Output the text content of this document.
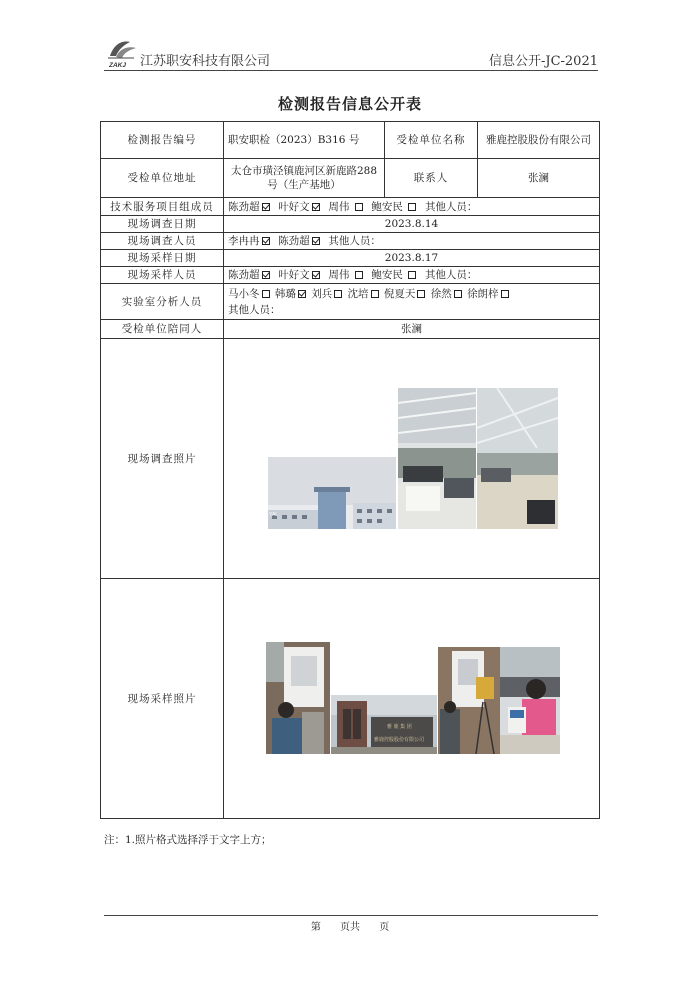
ZAKJ 江苏职安科技有限公司	信息公开-JC-2021
检测报告信息公开表
检测报告编号	职安职检（2023）B316 号	受检单位名称	雅鹿控股股份有限公司
受检单位地址	太仓市璜泾镇鹿河区新鹿路288号（生产基地）	联系人	张澜
技术服务项目组成员	陈劲超 叶好文 周伟 鲍安民 其他人员：		
现场调查日期	2023.8.14		
现场调查人员	李冉冉 陈劲超 其他人员：		
现场采样日期	2023.8.17		
现场采样人员	陈劲超 叶好文 周伟 鲍安民 其他人员：		
实验室分析人员	马小冬 韩璐 刘兵 沈培 倪夏天 徐然 徐朗梓
其他人员：		
受检单位陪同人	张澜		
现场调查照片	YAL		

现场采样照片	雅 鹿 集 团
雅鹿控股股份有限公司		
注：1.照片格式选择浮于文字上方；
第 页共 页
